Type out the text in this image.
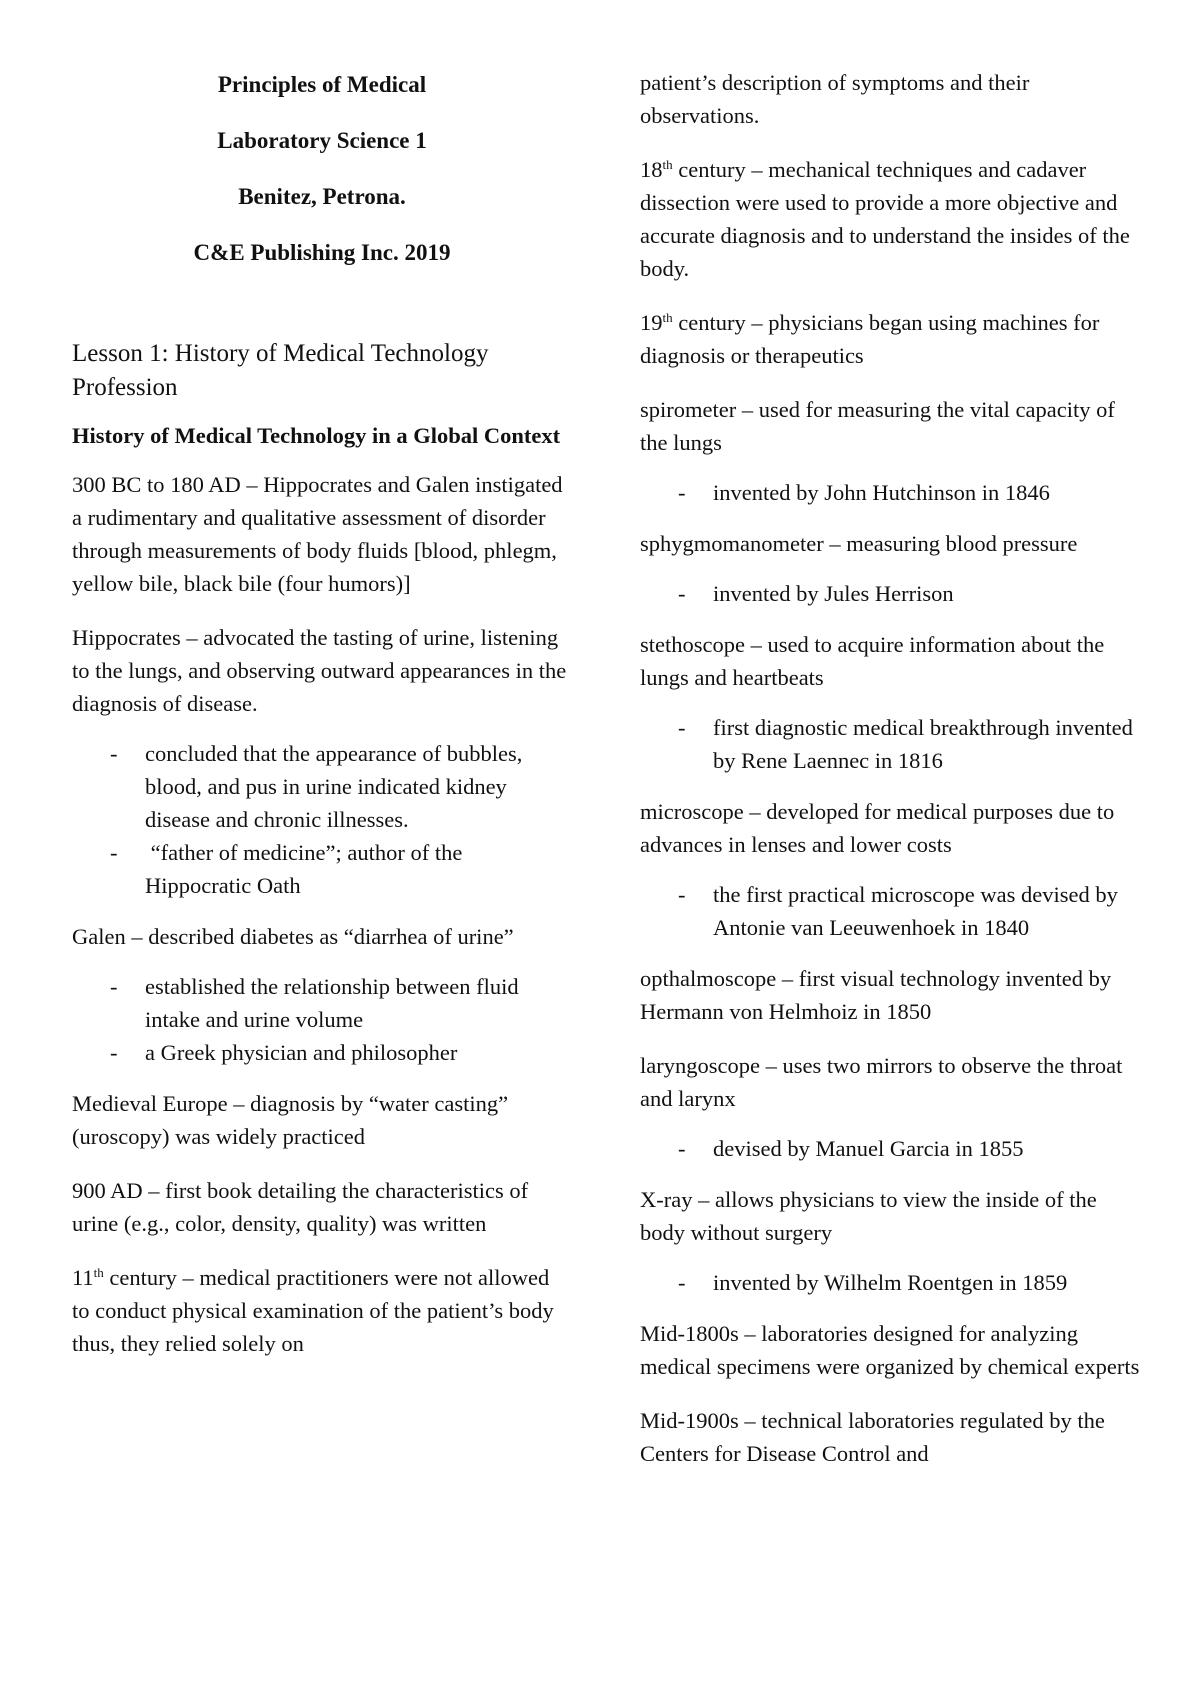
Principles of Medical

Laboratory Science 1

Benitez, Petrona.

C&E Publishing Inc. 2019

Lesson 1: History of Medical Technology Profession

History of Medical Technology in a Global Context

300 BC to 180 AD – Hippocrates and Galen instigated a rudimentary and qualitative assessment of disorder through measurements of body fluids [blood, phlegm, yellow bile, black bile (four humors)]

Hippocrates – advocated the tasting of urine, listening to the lungs, and observing outward appearances in the diagnosis of disease.

- concluded that the appearance of bubbles, blood, and pus in urine indicated kidney disease and chronic illnesses.
- “father of medicine”; author of the Hippocratic Oath

Galen – described diabetes as “diarrhea of urine”

- established the relationship between fluid intake and urine volume
- a Greek physician and philosopher

Medieval Europe – diagnosis by “water casting” (uroscopy) was widely practiced

900 AD – first book detailing the characteristics of urine (e.g., color, density, quality) was written

11th century – medical practitioners were not allowed to conduct physical examination of the patient’s body thus, they relied solely on

patient’s description of symptoms and their observations.

18th century – mechanical techniques and cadaver dissection were used to provide a more objective and accurate diagnosis and to understand the insides of the body.

19th century – physicians began using machines for diagnosis or therapeutics

spirometer – used for measuring the vital capacity of the lungs

- invented by John Hutchinson in 1846

sphygmomanometer – measuring blood pressure

- invented by Jules Herrison

stethoscope – used to acquire information about the lungs and heartbeats

- first diagnostic medical breakthrough invented by Rene Laennec in 1816

microscope – developed for medical purposes due to advances in lenses and lower costs

- the first practical microscope was devised by Antonie van Leeuwenhoek in 1840

opthalmoscope – first visual technology invented by Hermann von Helmhoiz in 1850

laryngoscope – uses two mirrors to observe the throat and larynx

- devised by Manuel Garcia in 1855

X-ray – allows physicians to view the inside of the body without surgery

- invented by Wilhelm Roentgen in 1859

Mid-1800s – laboratories designed for analyzing medical specimens were organized by chemical experts

Mid-1900s – technical laboratories regulated by the Centers for Disease Control and
